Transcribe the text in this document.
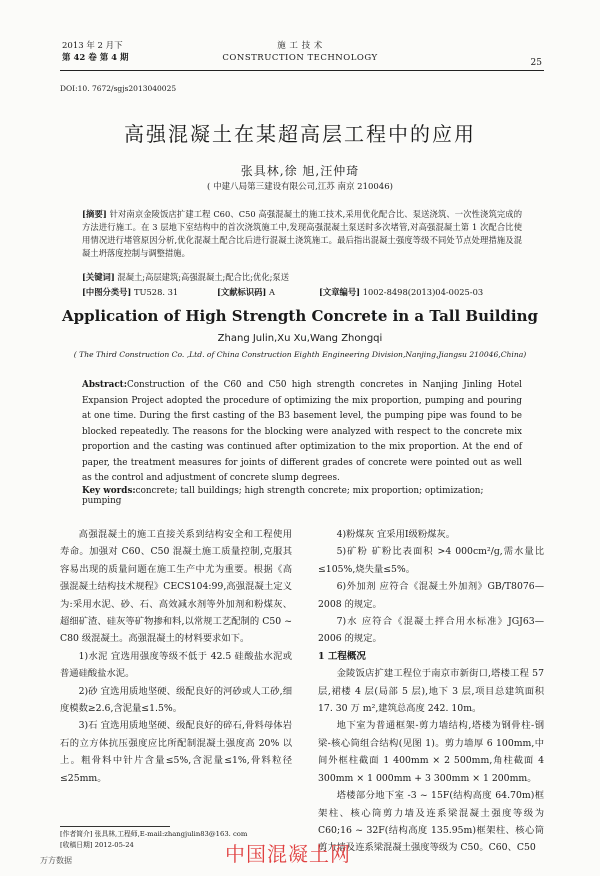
2013 年 2 月下
第 42 卷 第 4 期
施 工 技 术
CONSTRUCTION TECHNOLOGY	25
DOI:10. 7672/sgjs2013040025
高强混凝土在某超高层工程中的应用
张具林,徐 旭,汪仲琦
( 中建八局第三建设有限公司,江苏 南京 210046)
[摘要] 针对南京金陵饭店扩建工程 C60、C50 高强混凝土的施工技术,采用优化配合比、泵送浇筑、一次性浇筑完成的方法进行施工。在 3 层地下室结构中的首次浇筑施工中,发现高强混凝土泵送时多次堵管,对高强混凝土第 1 次配合比使用情况进行堵管原因分析,优化混凝土配合比后进行混凝土浇筑施工。最后指出混凝土强度等级不同处节点处理措施及混凝土坍落度控制与调整措施。
[关键词] 混凝土;高层建筑;高强混凝土;配合比;优化;泵送
[中图分类号] TU528. 31	[文献标识码] A	[文章编号] 1002-8498(2013)04-0025-03
Application of High Strength Concrete in a Tall Building
Zhang Julin,Xu Xu,Wang Zhongqi
( The Third Construction Co. ,Ltd. of China Construction Eighth Engineering Division,Nanjing,Jiangsu 210046,China)
Abstract:Construction of the C60 and C50 high strength concretes in Nanjing Jinling Hotel Expansion Project adopted the procedure of optimizing the mix proportion, pumping and pouring at one time. During the first casting of the B3 basement level, the pumping pipe was found to be blocked repeatedly. The reasons for the blocking were analyzed with respect to the concrete mix proportion and the casting was continued after optimization to the mix proportion. At the end of paper, the treatment measures for joints of different grades of concrete were pointed out as well as the control and adjustment of concrete slump degrees.
Key words:concrete; tall buildings; high strength concrete; mix proportion; optimization; pumping

高强混凝土的施工直接关系到结构安全和工程使用寿命。加强对 C60、C50 混凝土施工质量控制,克服其容易出现的质量问题在施工生产中尤为重要。根据《高强混凝土结构技术规程》CECS104:99,高强混凝土定义为:采用水泥、砂、石、高效减水剂等外加剂和粉煤灰、超细矿渣、硅灰等矿物掺和料,以常规工艺配制的 C50 ~ C80 级混凝土。高强混凝土的材料要求如下。

1)水泥 宜选用强度等级不低于 42.5 硅酸盐水泥或普通硅酸盐水泥。

2)砂 宜选用质地坚硬、级配良好的河砂或人工砂,细度模数≥2.6,含泥量≤1.5%。

3)石 宜选用质地坚硬、级配良好的碎石,骨料母体岩石的立方体抗压强度应比所配制混凝土强度高 20% 以上。粗骨料中针片含量≤5%,含泥量≤1%,骨料粒径≤25mm。

4)粉煤灰 宜采用Ⅰ级粉煤灰。

5)矿粉 矿粉比表面积 >4 000cm²/g,需水量比≤105%,烧失量≤5%。

6)外加剂 应符合《混凝土外加剂》GB/T8076—2008 的规定。

7)水 应符合《混凝土拌合用水标准》JGJ63—2006 的规定。

1 工程概况

金陵饭店扩建工程位于南京市新街口,塔楼工程 57 层,裙楼 4 层(局部 5 层),地下 3 层,项目总建筑面积 17. 30 万 m²,建筑总高度 242. 10m。

地下室为普通框架-剪力墙结构,塔楼为钢骨柱-钢梁-核心筒组合结构(见图 1)。剪力墙厚 6 100mm,中间外框柱截面 1 400mm × 2 500mm,角柱截面 4 300mm × 1 000mm + 3 300mm × 1 200mm。

塔楼部分地下室 -3 ~ 15F(结构高度 64.70m)框架柱、核心筒剪力墙及连系梁混凝土强度等级为 C60;16 ~ 32F(结构高度 135.95m)框架柱、核心筒剪力墙及连系梁混凝土强度等级为 C50。C60、C50

[作者简介] 张具林,工程师,E-mail:zhangjulin83@163. com
[收稿日期] 2012-05-24	中国混凝土网
万方数据
